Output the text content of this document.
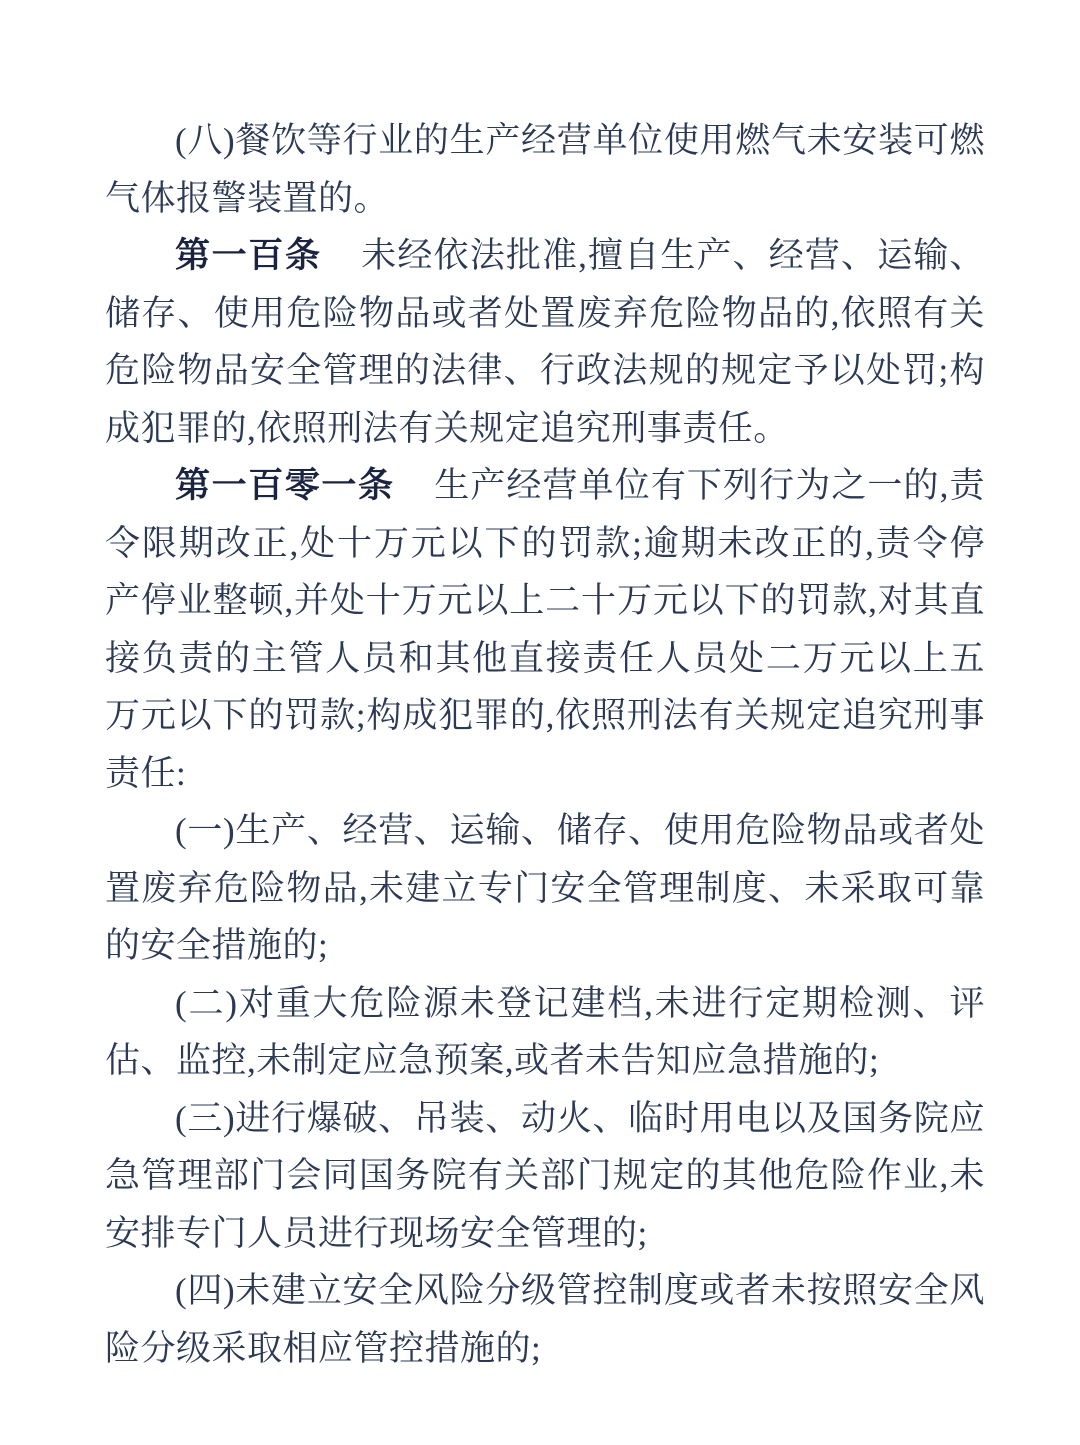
(八)餐饮等行业的生产经营单位使用燃气未安装可燃气体报警装置的。

第一百条 未经依法批准,擅自生产、经营、运输、储存、使用危险物品或者处置废弃危险物品的,依照有关危险物品安全管理的法律、行政法规的规定予以处罚;构成犯罪的,依照刑法有关规定追究刑事责任。

第一百零一条 生产经营单位有下列行为之一的,责令限期改正,处十万元以下的罚款;逾期未改正的,责令停产停业整顿,并处十万元以上二十万元以下的罚款,对其直接负责的主管人员和其他直接责任人员处二万元以上五万元以下的罚款;构成犯罪的,依照刑法有关规定追究刑事责任:

(一)生产、经营、运输、储存、使用危险物品或者处置废弃危险物品,未建立专门安全管理制度、未采取可靠的安全措施的;

(二)对重大危险源未登记建档,未进行定期检测、评估、监控,未制定应急预案,或者未告知应急措施的;

(三)进行爆破、吊装、动火、临时用电以及国务院应急管理部门会同国务院有关部门规定的其他危险作业,未安排专门人员进行现场安全管理的;

(四)未建立安全风险分级管控制度或者未按照安全风险分级采取相应管控措施的;
